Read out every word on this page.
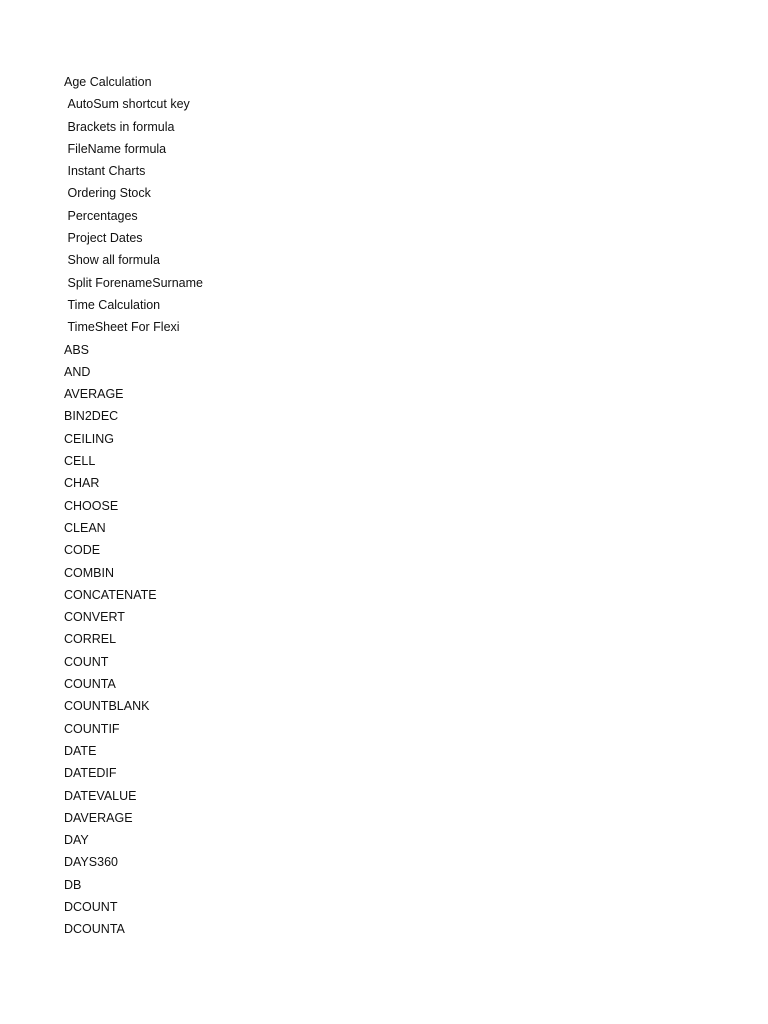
Age Calculation
AutoSum shortcut key
Brackets in formula
FileName formula
Instant Charts
Ordering Stock
Percentages
Project Dates
Show all formula
Split ForenameSurname
Time Calculation
TimeSheet For Flexi
ABS
AND
AVERAGE
BIN2DEC
CEILING
CELL
CHAR
CHOOSE
CLEAN
CODE
COMBIN
CONCATENATE
CONVERT
CORREL
COUNT
COUNTA
COUNTBLANK
COUNTIF
DATE
DATEDIF
DATEVALUE
DAVERAGE
DAY
DAYS360
DB
DCOUNT
DCOUNTA
